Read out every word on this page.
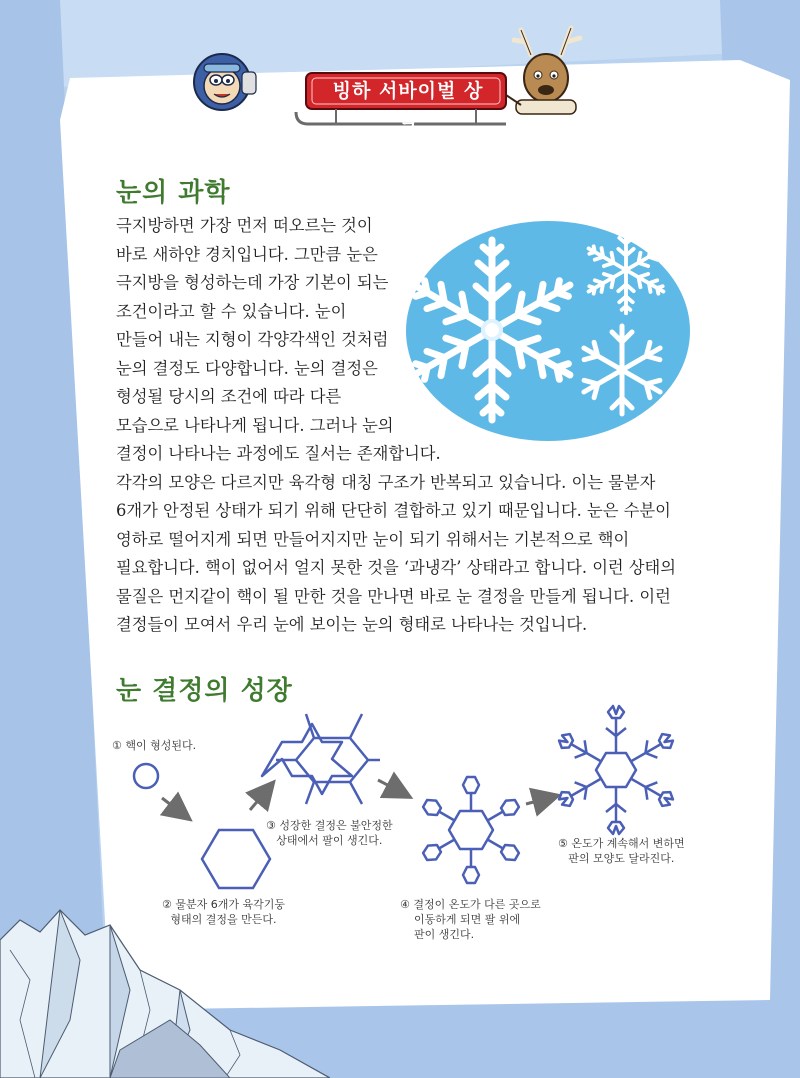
빙하 서바이벌 상식
눈의 과학
극지방하면 가장 먼저 떠오르는 것이
바로 새하얀 경치입니다. 그만큼 눈은
극지방을 형성하는데 가장 기본이 되는
조건이라고 할 수 있습니다. 눈이
만들어 내는 지형이 각양각색인 것처럼
눈의 결정도 다양합니다. 눈의 결정은
형성될 당시의 조건에 따라 다른
모습으로 나타나게 됩니다. 그러나 눈의
결정이 나타나는 과정에도 질서는 존재합니다.
각각의 모양은 다르지만 육각형 대칭 구조가 반복되고 있습니다. 이는 물분자
6개가 안정된 상태가 되기 위해 단단히 결합하고 있기 때문입니다. 눈은 수분이
영하로 떨어지게 되면 만들어지지만 눈이 되기 위해서는 기본적으로 핵이
필요합니다. 핵이 없어서 얼지 못한 것을 ‘과냉각’ 상태라고 합니다. 이런 상태의
물질은 먼지같이 핵이 될 만한 것을 만나면 바로 눈 결정을 만들게 됩니다. 이런
결정들이 모여서 우리 눈에 보이는 눈의 형태로 나타나는 것입니다.
눈 결정의 성장
① 핵이 형성된다.
② 물분자 6개가 육각기둥
형태의 결정을 만든다.
③ 성장한 결정은 불안정한
상태에서 팔이 생긴다.
④ 결정이 온도가 다른 곳으로
이동하게 되면 팔 위에
판이 생긴다.
⑤ 온도가 계속해서 변하면
판의 모양도 달라진다.
